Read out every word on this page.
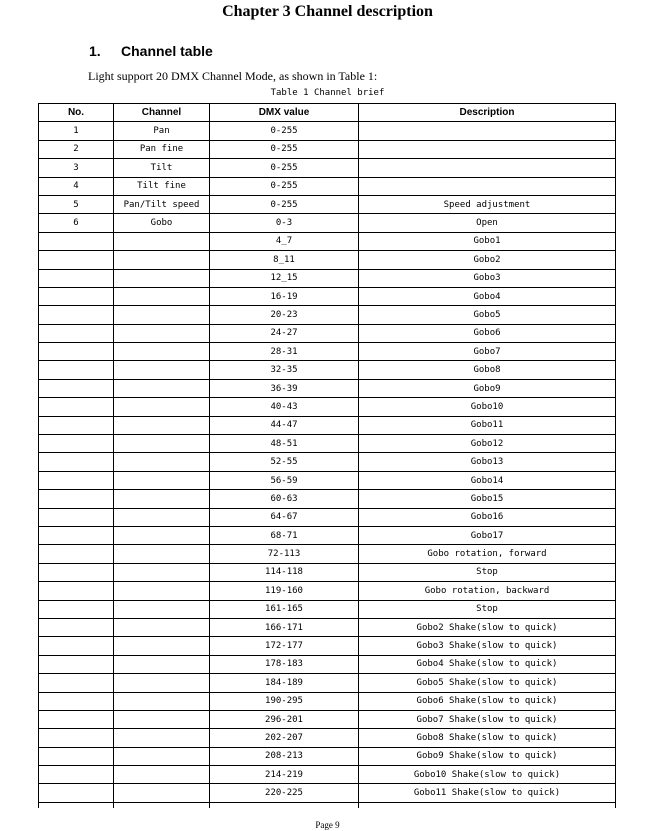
Chapter 3 Channel description
1. Channel table
Light support 20 DMX Channel Mode, as shown in Table 1:
Table 1 Channel brief
No.	Channel	DMX value	Description
1	Pan	0-255	
2	Pan fine	0-255	
3	Tilt	0-255	
4	Tilt fine	0-255	
5	Pan/Tilt speed	0-255	Speed adjustment
6	Gobo	0-3	Open
		4_7	Gobo1
		8_11	Gobo2
		12_15	Gobo3
		16-19	Gobo4
		20-23	Gobo5
		24-27	Gobo6
		28-31	Gobo7
		32-35	Gobo8
		36-39	Gobo9
		40-43	Gobo10
		44-47	Gobo11
		48-51	Gobo12
		52-55	Gobo13
		56-59	Gobo14
		60-63	Gobo15
		64-67	Gobo16
		68-71	Gobo17
		72-113	Gobo rotation, forward
		114-118	Stop
		119-160	Gobo rotation, backward
		161-165	Stop
		166-171	Gobo2 Shake(slow to quick)
		172-177	Gobo3 Shake(slow to quick)
		178-183	Gobo4 Shake(slow to quick)
		184-189	Gobo5 Shake(slow to quick)
		190-295	Gobo6 Shake(slow to quick)
		296-201	Gobo7 Shake(slow to quick)
		202-207	Gobo8 Shake(slow to quick)
		208-213	Gobo9 Shake(slow to quick)
		214-219	Gobo10 Shake(slow to quick)
		220-225	Gobo11 Shake(slow to quick)

Page 9
